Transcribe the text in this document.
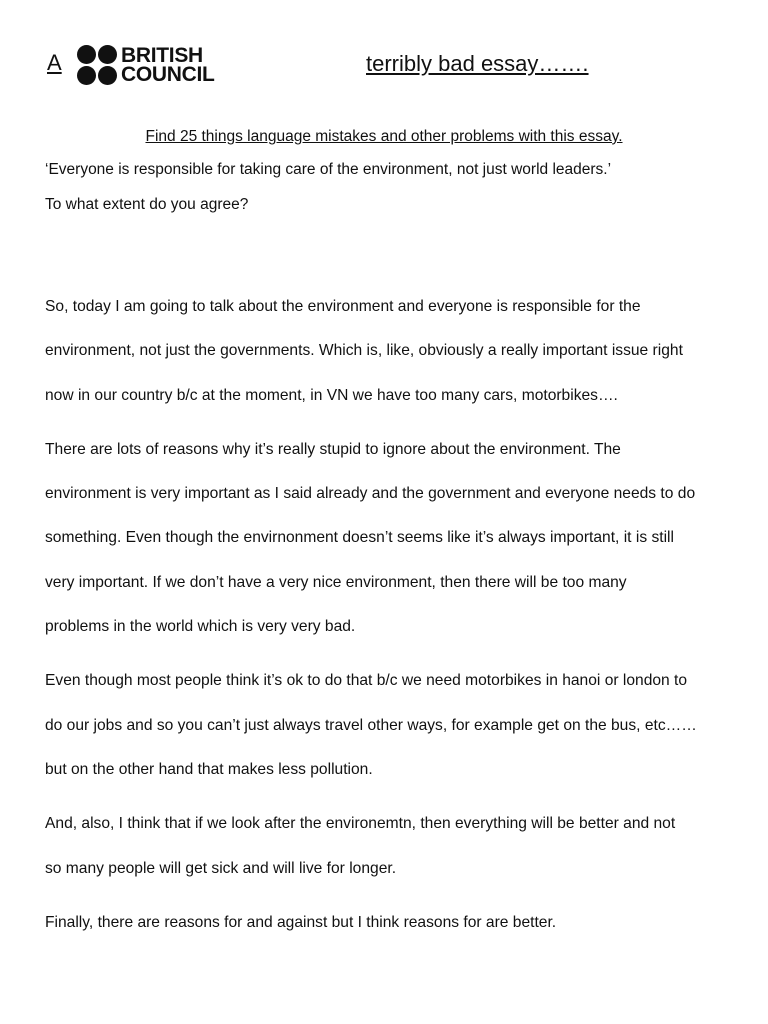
A	BRITISH
COUNCIL	terribly bad essay…….
Find 25 things language mistakes and other problems with this essay.
‘Everyone is responsible for taking care of the environment, not just world leaders.’
To what extent do you agree?
So, today I am going to talk about the environment and everyone is responsible for the
environment, not just the governments. Which is, like, obviously a really important issue right
now in our country b/c at the moment, in VN we have too many cars, motorbikes….
There are lots of reasons why it’s really stupid to ignore about the environment. The
environment is very important as I said already and the government and everyone needs to do
something. Even though the envirnonment doesn’t seems like it’s always important, it is still
very important. If we don’t have a very nice environment, then there will be too many
problems in the world which is very very bad.
Even though most people think it’s ok to do that b/c we need motorbikes in hanoi or london to
do our jobs and so you can’t just always travel other ways, for example get on the bus, etc……
but on the other hand that makes less pollution.
And, also, I think that if we look after the environemtn, then everything will be better and not
so many people will get sick and will live for longer.
Finally, there are reasons for and against but I think reasons for are better.
